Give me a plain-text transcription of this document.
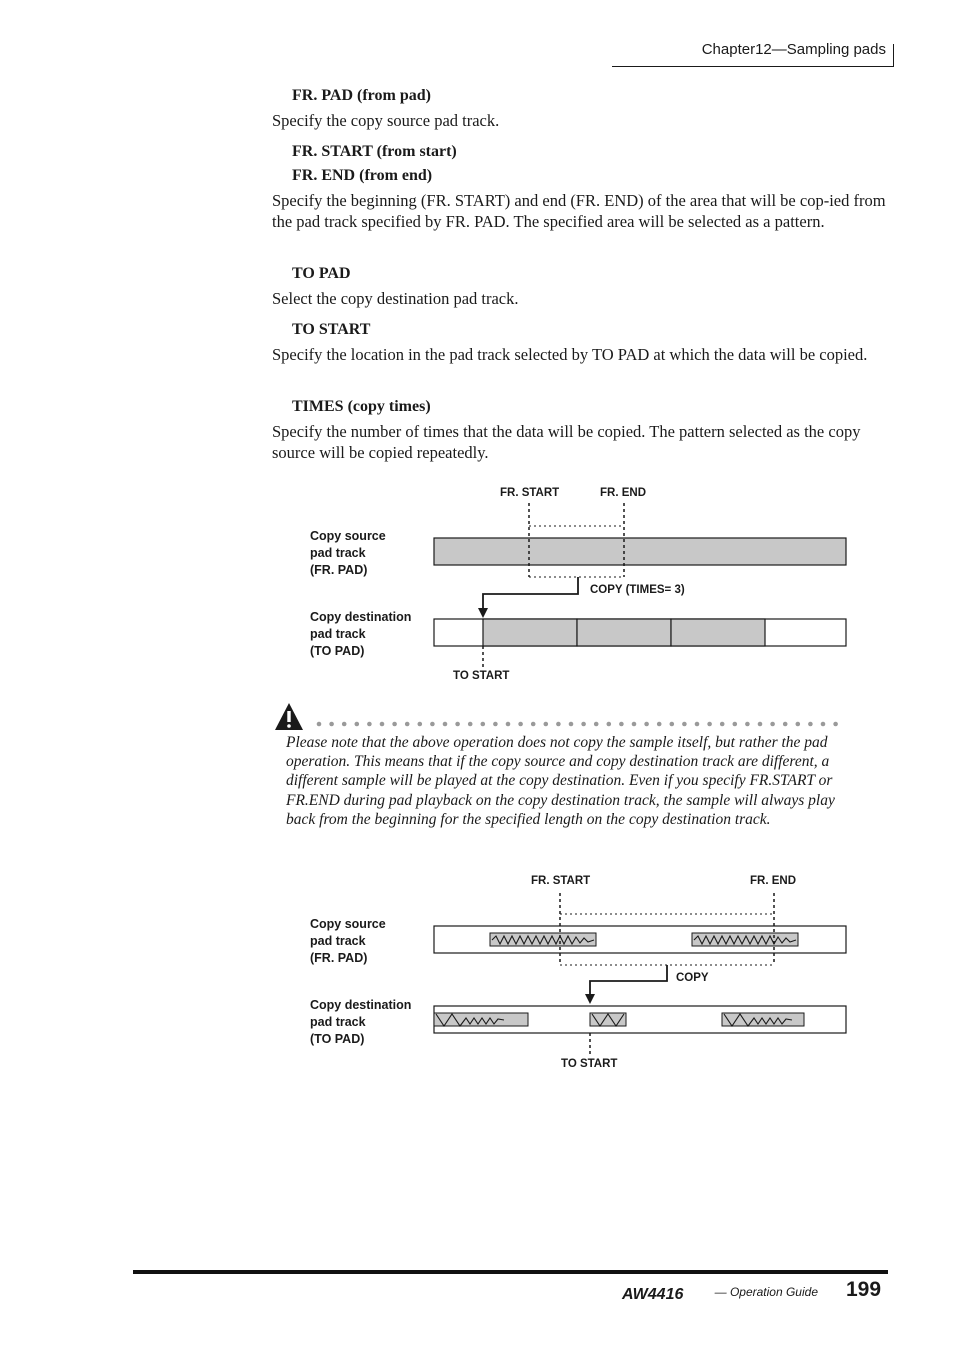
Chapter12—Sampling pads
FR. PAD (from pad)
Specify the copy source pad track.
FR. START (from start)
FR. END (from end)
Specify the beginning (FR. START) and end (FR. END) of the area that will be cop-ied from the pad track specified by FR. PAD. The specified area will be selected as a pattern.
TO PAD
Select the copy destination pad track.
TO START
Specify the location in the pad track selected by TO PAD at which the data will be copied.
TIMES (copy times)
Specify the number of times that the data will be copied. The pattern selected as the copy source will be copied repeatedly.
FR. START	FR. END
Copy source
pad track
(FR. PAD)
Copy destination
pad track
(TO PAD)
COPY (TIMES= 3)
TO START
AW4416
Please note that the above operation does not copy the sample itself, but rather the pad operation. This means that if the copy source and copy destination track are different, a different sample will be played at the copy destination. Even if you specify FR.START or FR.END during pad playback on the copy destination track, the sample will always play back from the beginning for the specified length on the copy destination track.
FR. START	FR. END
Copy source
pad track
(FR. PAD)
Copy destination
pad track
(TO PAD)
COPY
TO START
— Operation Guide 199
